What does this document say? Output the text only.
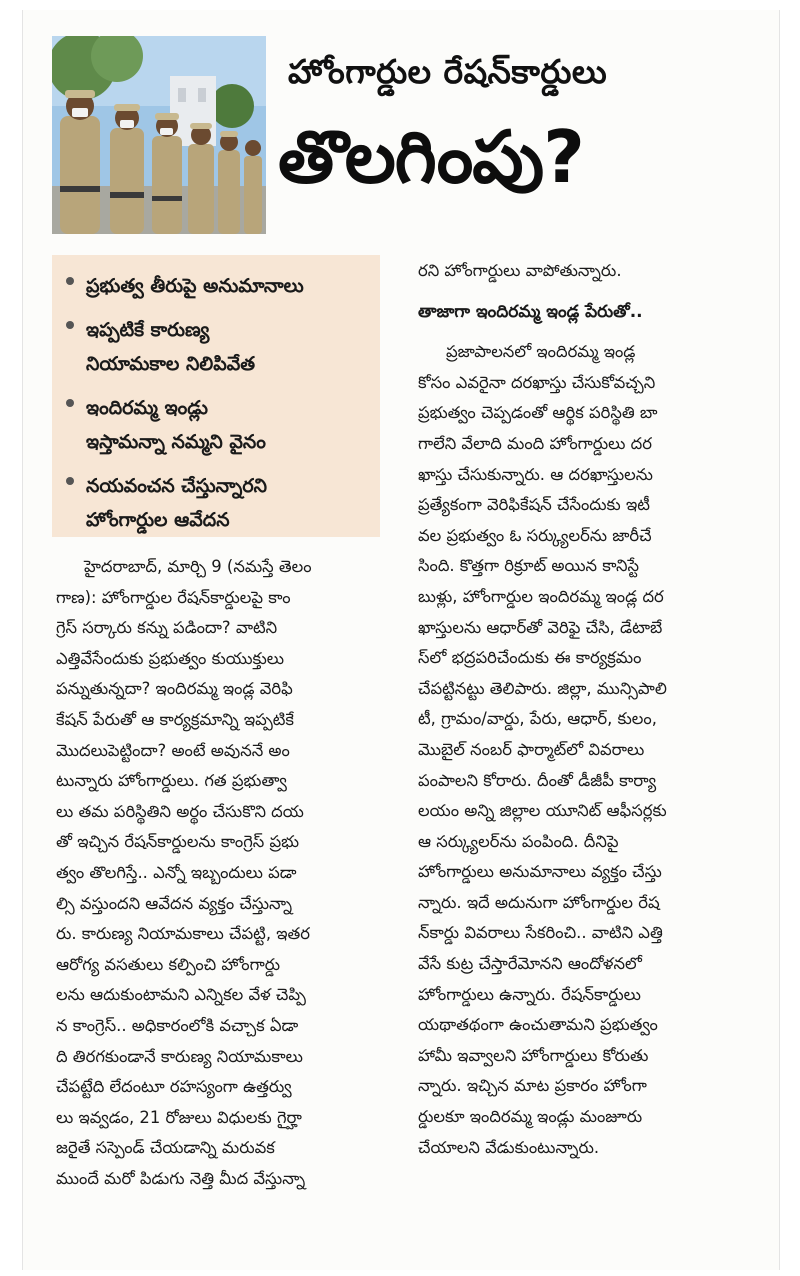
హోంగార్డుల రేషన్‌కార్డులు
తొలగింపు?
ప్రభుత్వ తీరుపై అనుమానాలు
ఇప్పటికే కారుణ్య
నియామకాల నిలిపివేత
ఇందిరమ్మ ఇండ్లు
ఇస్తామన్నా నమ్మని వైనం
నయవంచన చేస్తున్నారని
హోంగార్డుల ఆవేదన
హైదరాబాద్, మార్చి 9 (నమస్తే తెలం
గాణ): హోంగార్డుల రేషన్‌కార్డులపై కాం
గ్రెస్ సర్కారు కన్ను పడిందా? వాటిని
ఎత్తివేసేందుకు ప్రభుత్వం కుయుక్తులు
పన్నుతున్నదా? ఇందిరమ్మ ఇండ్ల వెరిఫి
కేషన్ పేరుతో ఆ కార్యక్రమాన్ని ఇప్పటికే
మొదలుపెట్టిందా? అంటే అవుననే అం
టున్నారు హోంగార్డులు. గత ప్రభుత్వా
లు తమ పరిస్థితిని అర్థం చేసుకొని దయ
తో ఇచ్చిన రేషన్‌కార్డులను కాంగ్రెస్ ప్రభు
త్వం తొలగిస్తే.. ఎన్నో ఇబ్బందులు పడా
ల్సి వస్తుందని ఆవేదన వ్యక్తం చేస్తున్నా
రు. కారుణ్య నియామకాలు చేపట్టి, ఇతర
ఆరోగ్య వసతులు కల్పించి హోంగార్డు
లను ఆదుకుంటామని ఎన్నికల వేళ చెప్పి
న కాంగ్రెస్.. అధికారంలోకి వచ్చాక ఏడా
ది తిరగకుండానే కారుణ్య నియామకాలు
చేపట్టేది లేదంటూ రహస్యంగా ఉత్తర్వు
లు ఇవ్వడం, 21 రోజులు విధులకు గైర్హా
జరైతే సస్పెండ్ చేయడాన్ని మరువక
ముందే మరో పిడుగు నెత్తి మీద వేస్తున్నా
రని హోంగార్డులు వాపోతున్నారు.
తాజాగా ఇందిరమ్మ ఇండ్ల పేరుతో..
ప్రజాపాలనలో ఇందిరమ్మ ఇండ్ల
కోసం ఎవరైనా దరఖాస్తు చేసుకోవచ్చని
ప్రభుత్వం చెప్పడంతో ఆర్థిక పరిస్థితి బా
గాలేని వేలాది మంది హోంగార్డులు దర
ఖాస్తు చేసుకున్నారు. ఆ దరఖాస్తులను
ప్రత్యేకంగా వెరిఫికేషన్ చేసేందుకు ఇటీ
వల ప్రభుత్వం ఓ సర్క్యులర్‌ను జారీచే
సింది. కొత్తగా రిక్రూట్ అయిన కానిస్టే
బుళ్లు, హోంగార్డుల ఇందిరమ్మ ఇండ్ల దర
ఖాస్తులను ఆధార్‌తో వెరిఫై చేసి, డేటాబే
స్‌లో భద్రపరిచేందుకు ఈ కార్యక్రమం
చేపట్టినట్టు తెలిపారు. జిల్లా, మున్సిపాలి
టీ, గ్రామం/వార్డు, పేరు, ఆధార్, కులం,
మొబైల్ నంబర్ ఫార్మాట్‌లో వివరాలు
పంపాలని కోరారు. దీంతో డీజీపీ కార్యా
లయం అన్ని జిల్లాల యూనిట్ ఆఫీసర్లకు
ఆ సర్క్యులర్‌ను పంపింది. దీనిపై
హోంగార్డులు అనుమానాలు వ్యక్తం చేస్తు
న్నారు. ఇదే అదునుగా హోంగార్డుల రేష
న్‌కార్డు వివరాలు సేకరించి.. వాటిని ఎత్తి
వేసే కుట్ర చేస్తారేమోనని ఆందోళనలో
హోంగార్డులు ఉన్నారు. రేషన్‌కార్డులు
యథాతథంగా ఉంచుతామని ప్రభుత్వం
హామీ ఇవ్వాలని హోంగార్డులు కోరుతు
న్నారు. ఇచ్చిన మాట ప్రకారం హోంగా
ర్డులకూ ఇందిరమ్మ ఇండ్లు మంజూరు
చేయాలని వేడుకుంటున్నారు.
